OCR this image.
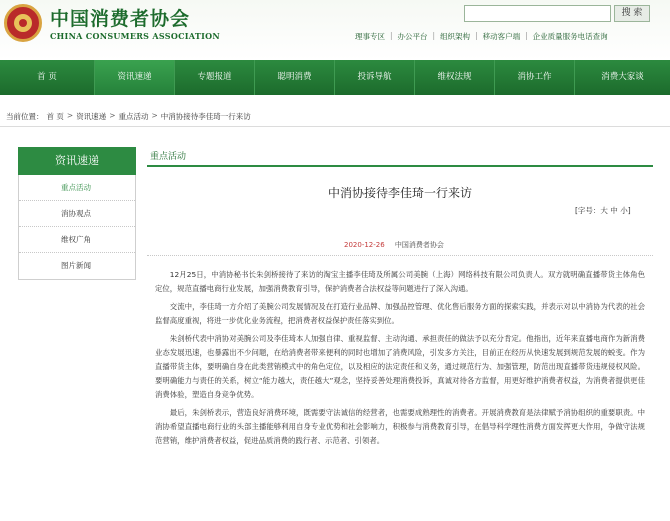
中国消费者协会
CHINA CONSUMERS ASSOCIATION
搜 索
理事专区 | 办公平台 | 组织架构 | 移动客户端 | 企业质量服务电话查询
首 页	资讯速递	专题报道	聪明消费	投诉导航	维权法规	消协工作	消费大家谈
当前位置： 首 页 > 资讯速递 > 重点活动 > 中消协接待李佳琦一行来访
资讯速递
重点活动
消协观点
维权广角
图片新闻
重点活动
中消协接待李佳琦一行来访
[字号：大 中 小]
2020-12-26 中国消费者协会

12月25日，中消协秘书长朱剑桥接待了来访的淘宝主播李佳琦及所属公司美腕（上海）网络科技有限公司负责人。双方就明确直播带货主体角色定位，规范直播电商行业发展，加强消费教育引导，保护消费者合法权益等问题进行了深入沟通。

交流中，李佳琦一方介绍了美腕公司发展情况及在打造行业品牌、加强品控管理、优化售后服务方面的探索实践，并表示对以中消协为代表的社会监督高度重视，将进一步优化业务流程，把消费者权益保护责任落实到位。

朱剑桥代表中消协对美腕公司及李佳琦本人加强自律、重视监督、主动沟通、承担责任的做法予以充分肯定。他指出，近年来直播电商作为新消费业态发展迅速，也暴露出不少问题，在给消费者带来便利的同时也增加了消费风险，引发多方关注，目前正在经历从快速发展到规范发展的蜕变。作为直播带货主体，要明确自身在此类营销模式中的角色定位，以及相应的法定责任和义务，通过规范行为、加强管理，防范出现直播带货违规侵权风险。要明确能力与责任的关系，树立“能力越大，责任越大”观念，坚持妥善处理消费投诉，真诚对待各方监督，用更好维护消费者权益，为消费者提供更佳消费体验，塑造自身竞争优势。

最后，朱剑桥表示，营造良好消费环境，既需要守法诚信的经营者，也需要成熟理性的消费者。开展消费教育是法律赋予消协组织的重要职责。中消协希望直播电商行业的头部主播能够利用自身专业优势和社会影响力，积极参与消费教育引导，在倡导科学理性消费方面发挥更大作用，争做守法规范营销，维护消费者权益，促进品质消费的践行者、示范者、引领者。
